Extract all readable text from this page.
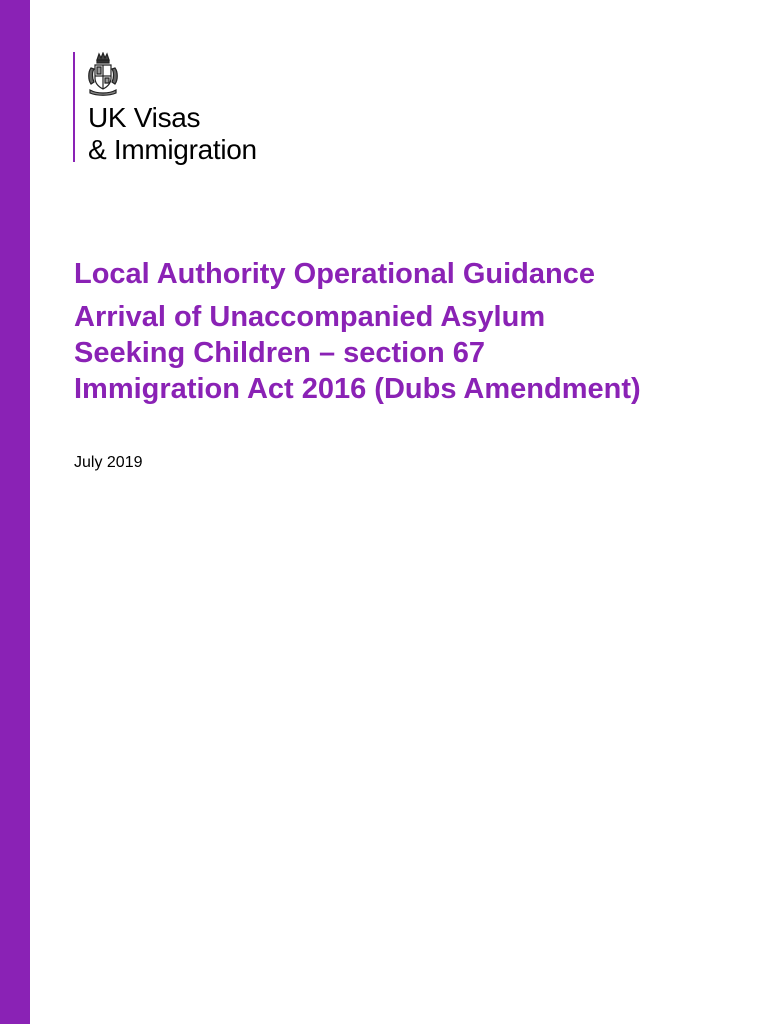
UK Visas
& Immigration
Local Authority Operational Guidance
Arrival of Unaccompanied Asylum
Seeking Children – section 67
Immigration Act 2016 (Dubs Amendment)
July 2019
